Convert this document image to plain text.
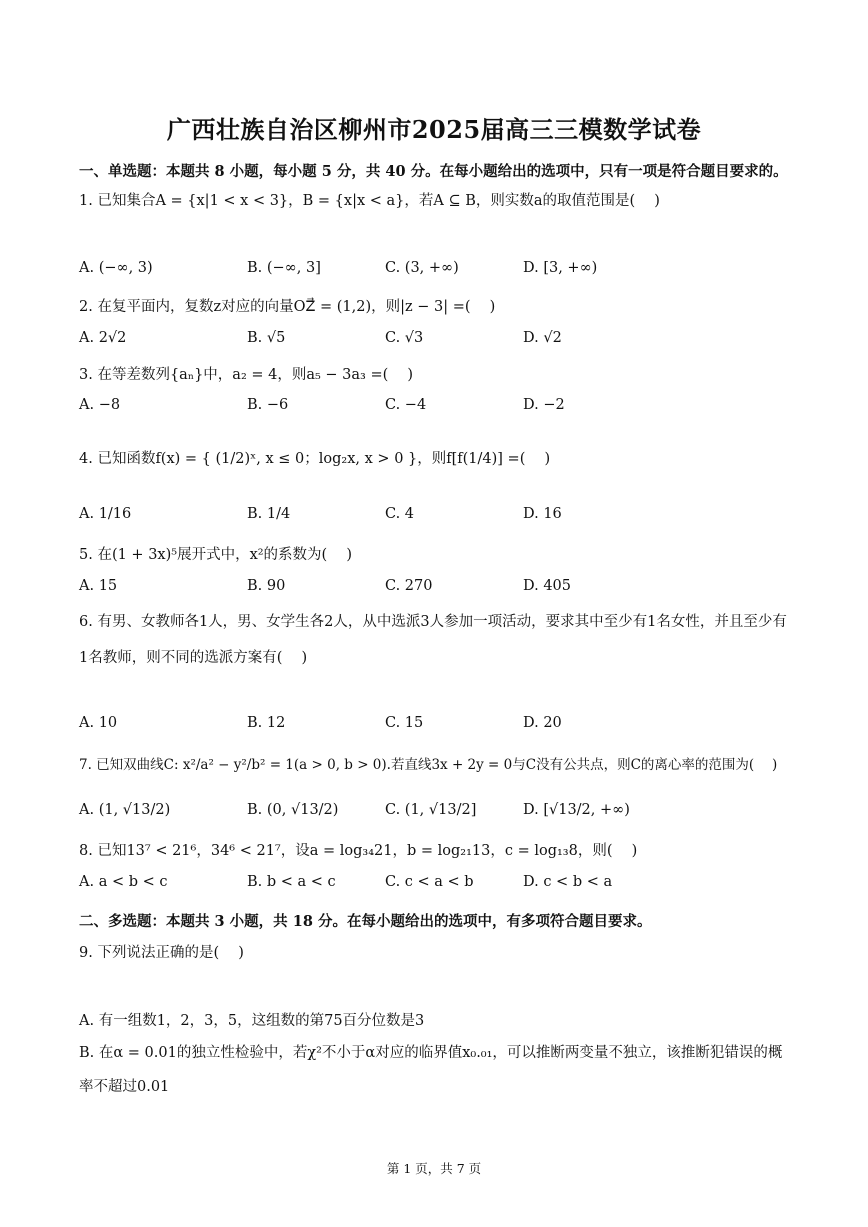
广西壮族自治区柳州市2025届高三三模数学试卷
一、单选题：本题共 8 小题，每小题 5 分，共 40 分。在每小题给出的选项中，只有一项是符合题目要求的。
1. 已知集合A = {x|1 < x < 3}，B = {x|x < a}，若A ⊆ B，则实数a的取值范围是(　 )
A. (−∞, 3)	B. (−∞, 3]	C. (3, +∞)	D. [3, +∞)
2. 在复平面内，复数z对应的向量OZ⃗ = (1,2)，则|z − 3| =(　 )
A. 2√2	B. √5	C. √3	D. √2
3. 在等差数列{aₙ}中，a₂ = 4，则a₅ − 3a₃ =(　 )
A. −8	B. −6	C. −4	D. −2
4. 已知函数f(x) = { (1/2)ˣ, x ≤ 0；log₂x, x > 0 }，则f[f(1/4)] =(　 )
A. 1/16	B. 1/4	C. 4	D. 16
5. 在(1 + 3x)⁵展开式中，x²的系数为(　 )
A. 15	B. 90	C. 270	D. 405
6. 有男、女教师各1人，男、女学生各2人，从中选派3人参加一项活动，要求其中至少有1名女性，并且至少有1名教师，则不同的选派方案有(　 )
A. 10	B. 12	C. 15	D. 20
7. 已知双曲线C: x²/a² − y²/b² = 1(a > 0, b > 0).若直线3x + 2y = 0与C没有公共点，则C的离心率的范围为(　 )
A. (1, √13/2)	B. (0, √13/2)	C. (1, √13/2]	D. [√13/2, +∞)
8. 已知13⁷ < 21⁶，34⁶ < 21⁷，设a = log₃₄21，b = log₂₁13，c = log₁₃8，则(　 )
A. a < b < c	B. b < a < c	C. c < a < b	D. c < b < a
二、多选题：本题共 3 小题，共 18 分。在每小题给出的选项中，有多项符合题目要求。
9. 下列说法正确的是(　 )
A. 有一组数1，2，3，5，这组数的第75百分位数是3
B. 在α = 0.01的独立性检验中，若χ²不小于α对应的临界值x₀.₀₁，可以推断两变量不独立，该推断犯错误的概率不超过0.01
第 1 页，共 7 页
